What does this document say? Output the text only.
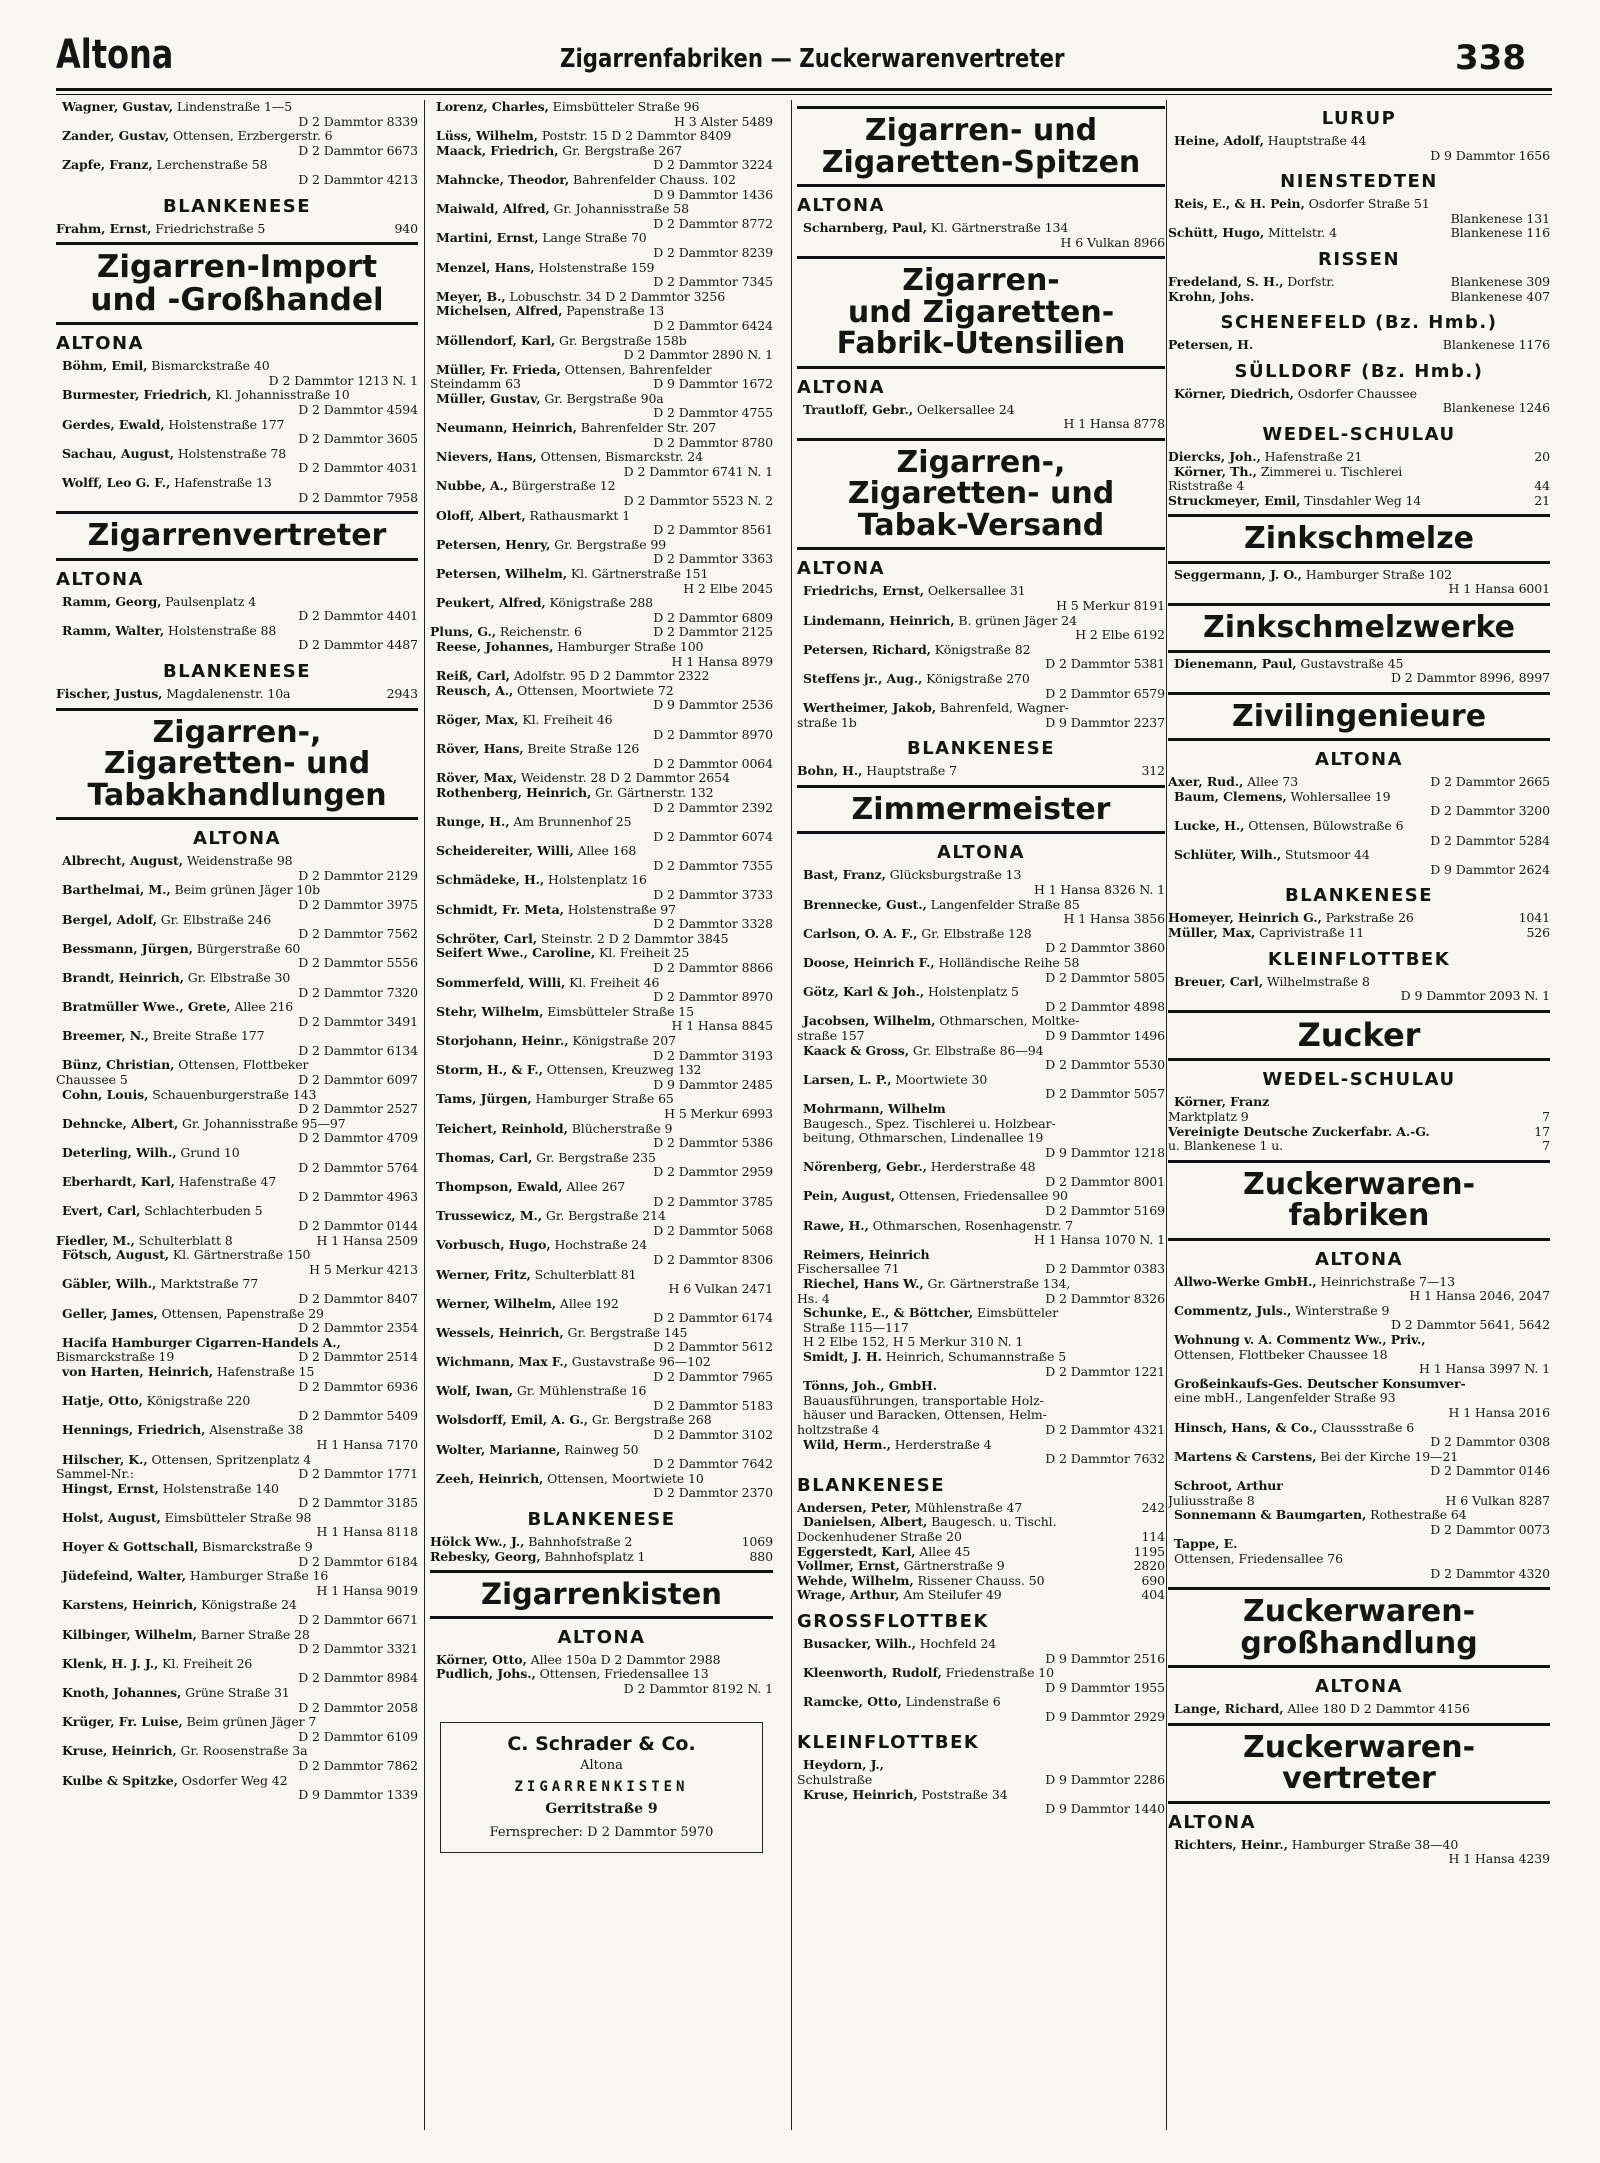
Altona	Zigarrenfabriken — Zuckerwarenvertreter	338
Wagner, Gustav, Lindenstraße 1—5
D 2 Dammtor 8339
Zander, Gustav, Ottensen, Erzbergerstr. 6
D 2 Dammtor 6673
Zapfe, Franz, Lerchenstraße 58
D 2 Dammtor 4213
BLANKENESE
Frahm, Ernst, Friedrichstraße 5	940
Zigarren-Import
und -Großhandel
ALTONA
Böhm, Emil, Bismarckstraße 40
D 2 Dammtor 1213 N. 1
Burmester, Friedrich, Kl. Johannisstraße 10
D 2 Dammtor 4594
Gerdes, Ewald, Holstenstraße 177
D 2 Dammtor 3605
Sachau, August, Holstenstraße 78
D 2 Dammtor 4031
Wolff, Leo G. F., Hafenstraße 13
D 2 Dammtor 7958
Zigarrenvertreter
ALTONA
Ramm, Georg, Paulsenplatz 4
D 2 Dammtor 4401
Ramm, Walter, Holstenstraße 88
D 2 Dammtor 4487
BLANKENESE
Fischer, Justus, Magdalenenstr. 10a	2943
Zigarren-,
Zigaretten- und
Tabakhandlungen
ALTONA
Albrecht, August, Weidenstraße 98
D 2 Dammtor 2129
Barthelmai, M., Beim grünen Jäger 10b
D 2 Dammtor 3975
Bergel, Adolf, Gr. Elbstraße 246
D 2 Dammtor 7562
Bessmann, Jürgen, Bürgerstraße 60
D 2 Dammtor 5556
Brandt, Heinrich, Gr. Elbstraße 30
D 2 Dammtor 7320
Bratmüller Wwe., Grete, Allee 216
D 2 Dammtor 3491
Breemer, N., Breite Straße 177
D 2 Dammtor 6134
Bünz, Christian, Ottensen, Flottbeker
Chaussee 5	D 2 Dammtor 6097
Cohn, Louis, Schauenburgerstraße 143
D 2 Dammtor 2527
Dehncke, Albert, Gr. Johannisstraße 95—97
D 2 Dammtor 4709
Deterling, Wilh., Grund 10
D 2 Dammtor 5764
Eberhardt, Karl, Hafenstraße 47
D 2 Dammtor 4963
Evert, Carl, Schlachterbuden 5
D 2 Dammtor 0144
Fiedler, M., Schulterblatt 8	H 1 Hansa 2509
Fötsch, August, Kl. Gärtnerstraße 150
H 5 Merkur 4213
Gäbler, Wilh., Marktstraße 77
D 2 Dammtor 8407
Geller, James, Ottensen, Papenstraße 29
D 2 Dammtor 2354
Hacifa Hamburger Cigarren-Handels A.,
Bismarckstraße 19	D 2 Dammtor 2514
von Harten, Heinrich, Hafenstraße 15
D 2 Dammtor 6936
Hatje, Otto, Königstraße 220
D 2 Dammtor 5409
Hennings, Friedrich, Alsenstraße 38
H 1 Hansa 7170
Hilscher, K., Ottensen, Spritzenplatz 4
Sammel-Nr.:	D 2 Dammtor 1771
Hingst, Ernst, Holstenstraße 140
D 2 Dammtor 3185
Holst, August, Eimsbütteler Straße 98
H 1 Hansa 8118
Hoyer & Gottschall, Bismarckstraße 9
D 2 Dammtor 6184
Jüdefeind, Walter, Hamburger Straße 16
H 1 Hansa 9019
Karstens, Heinrich, Königstraße 24
D 2 Dammtor 6671
Kilbinger, Wilhelm, Barner Straße 28
D 2 Dammtor 3321
Klenk, H. J. J., Kl. Freiheit 26
D 2 Dammtor 8984
Knoth, Johannes, Grüne Straße 31
D 2 Dammtor 2058
Krüger, Fr. Luise, Beim grünen Jäger 7
D 2 Dammtor 6109
Kruse, Heinrich, Gr. Roosenstraße 3a
D 2 Dammtor 7862
Kulbe & Spitzke, Osdorfer Weg 42
D 9 Dammtor 1339
Lorenz, Charles, Eimsbütteler Straße 96
H 3 Alster 5489
Lüss, Wilhelm, Poststr. 15 D 2 Dammtor 8409
Maack, Friedrich, Gr. Bergstraße 267
D 2 Dammtor 3224
Mahncke, Theodor, Bahrenfelder Chauss. 102
D 9 Dammtor 1436
Maiwald, Alfred, Gr. Johannisstraße 58
D 2 Dammtor 8772
Martini, Ernst, Lange Straße 70
D 2 Dammtor 8239
Menzel, Hans, Holstenstraße 159
D 2 Dammtor 7345
Meyer, B., Lobuschstr. 34 D 2 Dammtor 3256
Michelsen, Alfred, Papenstraße 13
D 2 Dammtor 6424
Möllendorf, Karl, Gr. Bergstraße 158b
D 2 Dammtor 2890 N. 1
Müller, Fr. Frieda, Ottensen, Bahrenfelder
Steindamm 63	D 9 Dammtor 1672
Müller, Gustav, Gr. Bergstraße 90a
D 2 Dammtor 4755
Neumann, Heinrich, Bahrenfelder Str. 207
D 2 Dammtor 8780
Nievers, Hans, Ottensen, Bismarckstr. 24
D 2 Dammtor 6741 N. 1
Nubbe, A., Bürgerstraße 12
D 2 Dammtor 5523 N. 2
Oloff, Albert, Rathausmarkt 1
D 2 Dammtor 8561
Petersen, Henry, Gr. Bergstraße 99
D 2 Dammtor 3363
Petersen, Wilhelm, Kl. Gärtnerstraße 151
H 2 Elbe 2045
Peukert, Alfred, Königstraße 288
D 2 Dammtor 6809
Pluns, G., Reichenstr. 6	D 2 Dammtor 2125
Reese, Johannes, Hamburger Straße 100
H 1 Hansa 8979
Reiß, Carl, Adolfstr. 95 D 2 Dammtor 2322
Reusch, A., Ottensen, Moortwiete 72
D 9 Dammtor 2536
Röger, Max, Kl. Freiheit 46
D 2 Dammtor 8970
Röver, Hans, Breite Straße 126
D 2 Dammtor 0064
Röver, Max, Weidenstr. 28 D 2 Dammtor 2654
Rothenberg, Heinrich, Gr. Gärtnerstr. 132
D 2 Dammtor 2392
Runge, H., Am Brunnenhof 25
D 2 Dammtor 6074
Scheidereiter, Willi, Allee 168
D 2 Dammtor 7355
Schmädeke, H., Holstenplatz 16
D 2 Dammtor 3733
Schmidt, Fr. Meta, Holstenstraße 97
D 2 Dammtor 3328
Schröter, Carl, Steinstr. 2 D 2 Dammtor 3845
Seifert Wwe., Caroline, Kl. Freiheit 25
D 2 Dammtor 8866
Sommerfeld, Willi, Kl. Freiheit 46
D 2 Dammtor 8970
Stehr, Wilhelm, Eimsbütteler Straße 15
H 1 Hansa 8845
Storjohann, Heinr., Königstraße 207
D 2 Dammtor 3193
Storm, H., & F., Ottensen, Kreuzweg 132
D 9 Dammtor 2485
Tams, Jürgen, Hamburger Straße 65
H 5 Merkur 6993
Teichert, Reinhold, Blücherstraße 9
D 2 Dammtor 5386
Thomas, Carl, Gr. Bergstraße 235
D 2 Dammtor 2959
Thompson, Ewald, Allee 267
D 2 Dammtor 3785
Trussewicz, M., Gr. Bergstraße 214
D 2 Dammtor 5068
Vorbusch, Hugo, Hochstraße 24
D 2 Dammtor 8306
Werner, Fritz, Schulterblatt 81
H 6 Vulkan 2471
Werner, Wilhelm, Allee 192
D 2 Dammtor 6174
Wessels, Heinrich, Gr. Bergstraße 145
D 2 Dammtor 5612
Wichmann, Max F., Gustavstraße 96—102
D 2 Dammtor 7965
Wolf, Iwan, Gr. Mühlenstraße 16
D 2 Dammtor 5183
Wolsdorff, Emil, A. G., Gr. Bergstraße 268
D 2 Dammtor 3102
Wolter, Marianne, Rainweg 50
D 2 Dammtor 7642
Zeeh, Heinrich, Ottensen, Moortwiete 10
D 2 Dammtor 2370
BLANKENESE
Hölck Ww., J., Bahnhofstraße 2	1069
Rebesky, Georg, Bahnhofsplatz 1	880
Zigarrenkisten
ALTONA
Körner, Otto, Allee 150a D 2 Dammtor 2988
Pudlich, Johs., Ottensen, Friedensallee 13
D 2 Dammtor 8192 N. 1
C. Schrader & Co.
Altona
ZIGARRENKISTEN
Gerritstraße 9
Fernsprecher: D 2 Dammtor 5970
Zigarren- und
Zigaretten-Spitzen
ALTONA
Scharnberg, Paul, Kl. Gärtnerstraße 134
H 6 Vulkan 8966
Zigarren-
und Zigaretten-
Fabrik-Utensilien
ALTONA
Trautloff, Gebr., Oelkersallee 24
H 1 Hansa 8778
Zigarren-,
Zigaretten- und
Tabak-Versand
ALTONA
Friedrichs, Ernst, Oelkersallee 31
H 5 Merkur 8191
Lindemann, Heinrich, B. grünen Jäger 24
H 2 Elbe 6192
Petersen, Richard, Königstraße 82
D 2 Dammtor 5381
Steffens jr., Aug., Königstraße 270
D 2 Dammtor 6579
Wertheimer, Jakob, Bahrenfeld, Wagner-
straße 1b	D 9 Dammtor 2237
BLANKENESE
Bohn, H., Hauptstraße 7	312
Zimmermeister
ALTONA
Bast, Franz, Glücksburgstraße 13
H 1 Hansa 8326 N. 1
Brennecke, Gust., Langenfelder Straße 85
H 1 Hansa 3856
Carlson, O. A. F., Gr. Elbstraße 128
D 2 Dammtor 3860
Doose, Heinrich F., Holländische Reihe 58
D 2 Dammtor 5805
Götz, Karl & Joh., Holstenplatz 5
D 2 Dammtor 4898
Jacobsen, Wilhelm, Othmarschen, Moltke-
straße 157	D 9 Dammtor 1496
Kaack & Gross, Gr. Elbstraße 86—94
D 2 Dammtor 5530
Larsen, L. P., Moortwiete 30
D 2 Dammtor 5057
Mohrmann, Wilhelm
Baugesch., Spez. Tischlerei u. Holzbear-
beitung, Othmarschen, Lindenallee 19
D 9 Dammtor 1218
Nörenberg, Gebr., Herderstraße 48
D 2 Dammtor 8001
Pein, August, Ottensen, Friedensallee 90
D 2 Dammtor 5169
Rawe, H., Othmarschen, Rosenhagenstr. 7
H 1 Hansa 1070 N. 1
Reimers, Heinrich
Fischersallee 71	D 2 Dammtor 0383
Riechel, Hans W., Gr. Gärtnerstraße 134,
Hs. 4	D 2 Dammtor 8326
Schunke, E., & Böttcher, Eimsbütteler
Straße 115—117
H 2 Elbe 152, H 5 Merkur 310 N. 1
Smidt, J. H. Heinrich, Schumannstraße 5
D 2 Dammtor 1221
Tönns, Joh., GmbH.
Bauausführungen, transportable Holz-
häuser und Baracken, Ottensen, Helm-
holtzstraße 4	D 2 Dammtor 4321
Wild, Herm., Herderstraße 4
D 2 Dammtor 7632
BLANKENESE
Andersen, Peter, Mühlenstraße 47	242
Danielsen, Albert, Baugesch. u. Tischl.
Dockenhudener Straße 20	114
Eggerstedt, Karl, Allee 45	1195
Vollmer, Ernst, Gärtnerstraße 9	2820
Wehde, Wilhelm, Rissener Chauss. 50	690
Wrage, Arthur, Am Steilufer 49	404
GROSSFLOTTBEK
Busacker, Wilh., Hochfeld 24
D 9 Dammtor 2516
Kleenworth, Rudolf, Friedenstraße 10
D 9 Dammtor 1955
Ramcke, Otto, Lindenstraße 6
D 9 Dammtor 2929
KLEINFLOTTBEK
Heydorn, J.,
Schulstraße	D 9 Dammtor 2286
Kruse, Heinrich, Poststraße 34
D 9 Dammtor 1440
LURUP
Heine, Adolf, Hauptstraße 44
D 9 Dammtor 1656
NIENSTEDTEN
Reis, E., & H. Pein, Osdorfer Straße 51
Blankenese 131
Schütt, Hugo, Mittelstr. 4	Blankenese 116
RISSEN
Fredeland, S. H., Dorfstr.	Blankenese 309
Krohn, Johs.	Blankenese 407
SCHENEFELD (Bz. Hmb.)
Petersen, H.	Blankenese 1176
SÜLLDORF (Bz. Hmb.)
Körner, Diedrich, Osdorfer Chaussee
Blankenese 1246
WEDEL-SCHULAU
Diercks, Joh., Hafenstraße 21	20
Körner, Th., Zimmerei u. Tischlerei
Riststraße 4	44
Struckmeyer, Emil, Tinsdahler Weg 14	21
Zinkschmelze
Seggermann, J. O., Hamburger Straße 102
H 1 Hansa 6001
Zinkschmelzwerke
Dienemann, Paul, Gustavstraße 45
D 2 Dammtor 8996, 8997
Zivilingenieure
ALTONA
Axer, Rud., Allee 73	D 2 Dammtor 2665
Baum, Clemens, Wohlersallee 19
D 2 Dammtor 3200
Lucke, H., Ottensen, Bülowstraße 6
D 2 Dammtor 5284
Schlüter, Wilh., Stutsmoor 44
D 9 Dammtor 2624
BLANKENESE
Homeyer, Heinrich G., Parkstraße 26	1041
Müller, Max, Caprivistraße 11	526
KLEINFLOTTBEK
Breuer, Carl, Wilhelmstraße 8
D 9 Dammtor 2093 N. 1
Zucker
WEDEL-SCHULAU
Körner, Franz
Marktplatz 9	7
Vereinigte Deutsche Zuckerfabr. A.-G.	17
u. Blankenese 1 u.	7
Zuckerwaren-
fabriken
ALTONA
Allwo-Werke GmbH., Heinrichstraße 7—13
H 1 Hansa 2046, 2047
Commentz, Juls., Winterstraße 9
D 2 Dammtor 5641, 5642
Wohnung v. A. Commentz Ww., Priv.,
Ottensen, Flottbeker Chaussee 18
H 1 Hansa 3997 N. 1
Großeinkaufs-Ges. Deutscher Konsumver-
eine mbH., Langenfelder Straße 93
H 1 Hansa 2016
Hinsch, Hans, & Co., Claussstraße 6
D 2 Dammtor 0308
Martens & Carstens, Bei der Kirche 19—21
D 2 Dammtor 0146
Schroot, Arthur
Juliusstraße 8	H 6 Vulkan 8287
Sonnemann & Baumgarten, Rothestraße 64
D 2 Dammtor 0073
Tappe, E.
Ottensen, Friedensallee 76
D 2 Dammtor 4320
Zuckerwaren-
großhandlung
ALTONA
Lange, Richard, Allee 180 D 2 Dammtor 4156
Zuckerwaren-
vertreter
ALTONA
Richters, Heinr., Hamburger Straße 38—40
H 1 Hansa 4239
